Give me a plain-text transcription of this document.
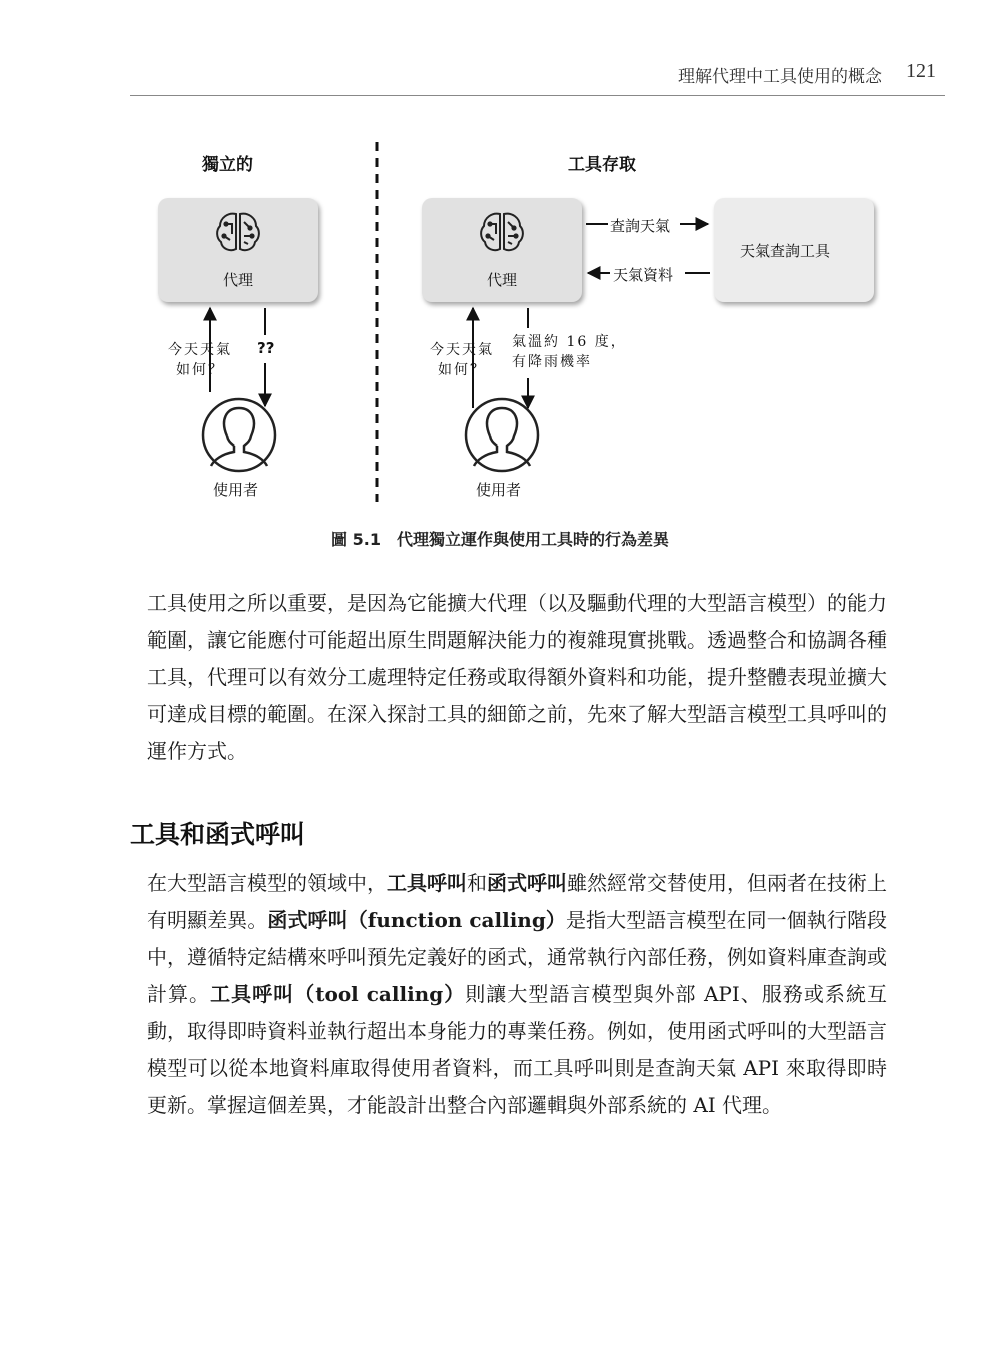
理解代理中工具使用的概念 121
獨立的	工具存取
代理	代理
天氣查詢工具
查詢天氣
天氣資料
今天天氣
如何？
??	今天天氣
如何？
氣溫約 16 度，
有降雨機率
使用者	使用者
圖 5.1　代理獨立運作與使用工具時的行為差異

工具使用之所以重要，是因為它能擴大代理（以及驅動代理的大型語言模型）的能力範圍，讓它能應付可能超出原生問題解決能力的複雜現實挑戰。透過整合和協調各種工具，代理可以有效分工處理特定任務或取得額外資料和功能，提升整體表現並擴大可達成目標的範圍。在深入探討工具的細節之前，先來了解大型語言模型工具呼叫的運作方式。

工具和函式呼叫

在大型語言模型的領域中，工具呼叫和函式呼叫雖然經常交替使用，但兩者在技術上有明顯差異。函式呼叫（function calling）是指大型語言模型在同一個執行階段中，遵循特定結構來呼叫預先定義好的函式，通常執行內部任務，例如資料庫查詢或計算。工具呼叫（tool calling）則讓大型語言模型與外部 API、服務或系統互動，取得即時資料並執行超出本身能力的專業任務。例如，使用函式呼叫的大型語言模型可以從本地資料庫取得使用者資料，而工具呼叫則是查詢天氣 API 來取得即時更新。掌握這個差異，才能設計出整合內部邏輯與外部系統的 AI 代理。
